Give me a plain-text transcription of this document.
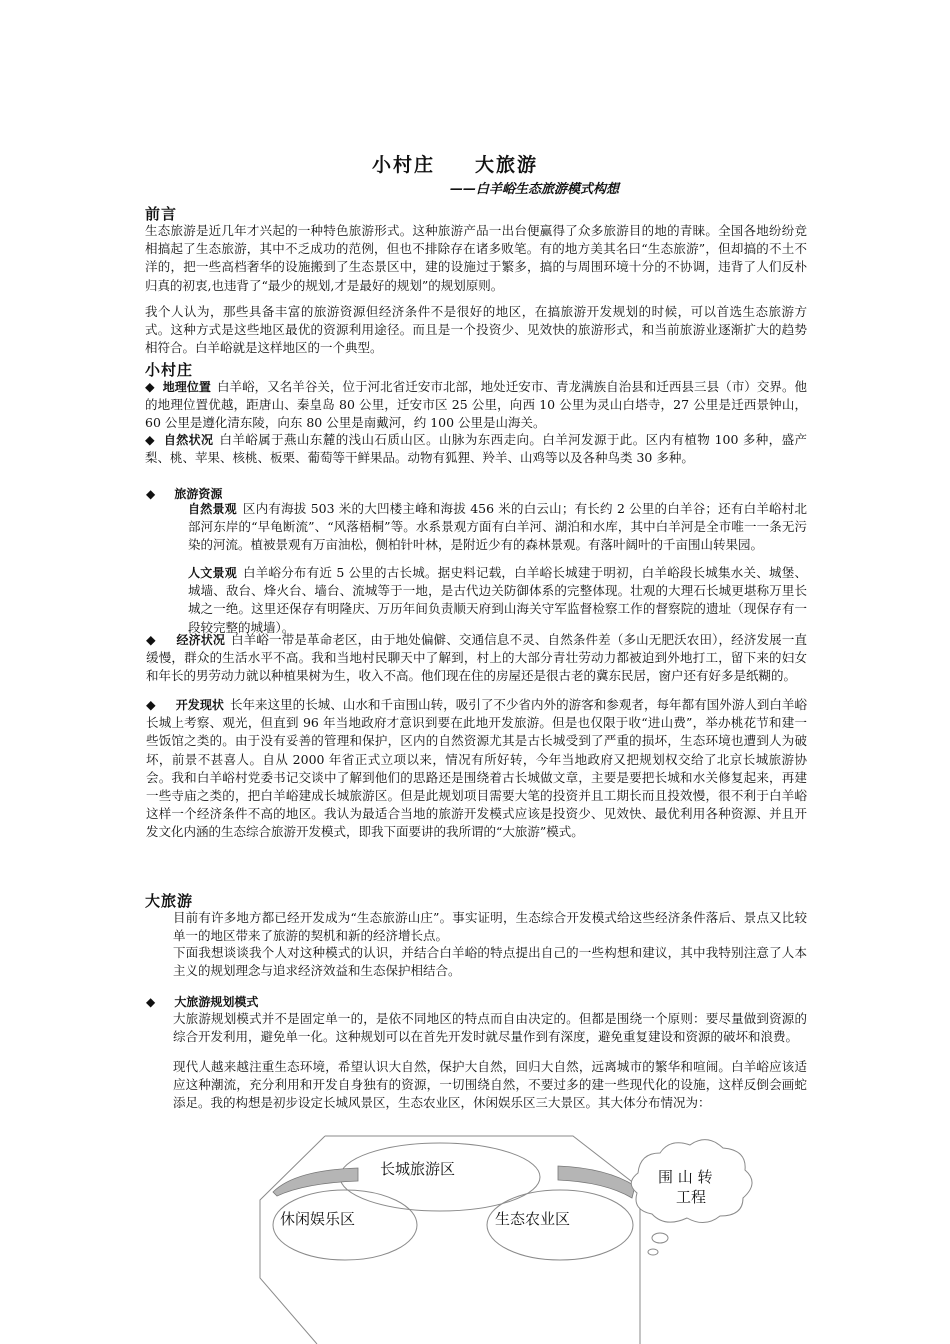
小村庄 大旅游
——白羊峪生态旅游模式构想
前言
生态旅游是近几年才兴起的一种特色旅游形式。这种旅游产品一出台便赢得了众多旅游目的地的青睐。全国各地纷纷竞相搞起了生态旅游，其中不乏成功的范例，但也不排除存在诸多败笔。有的地方美其名曰“生态旅游”，但却搞的不土不洋的，把一些高档奢华的设施搬到了生态景区中，建的设施过于繁多，搞的与周围环境十分的不协调，违背了人们反朴归真的初衷,也违背了“最少的规划,才是最好的规划”的规划原则。
我个人认为，那些具备丰富的旅游资源但经济条件不是很好的地区，在搞旅游开发规划的时候，可以首选生态旅游方式。这种方式是这些地区最优的资源利用途径。而且是一个投资少、见效快的旅游形式，和当前旅游业逐渐扩大的趋势相符合。白羊峪就是这样地区的一个典型。
小村庄
◆  地理位置 白羊峪，又名羊谷关，位于河北省迁安市北部，地处迁安市、青龙满族自治县和迁西县三县（市）交界。他的地理位置优越，距唐山、秦皇岛 80 公里，迁安市区 25 公里，向西 10 公里为灵山白塔寺，27 公里是迁西景钟山，60 公里是遵化清东陵，向东 80 公里是南戴河，约 100 公里是山海关。
◆  自然状况 白羊峪属于燕山东麓的浅山石质山区。山脉为东西走向。白羊河发源于此。区内有植物 100 多种，盛产梨、桃、苹果、核桃、板栗、葡萄等干鲜果品。动物有狐狸、羚羊、山鸡等以及各种鸟类 30 多种。
◆     旅游资源
自然景观 区内有海拔 503 米的大凹楼主峰和海拔 456 米的白云山；有长约 2 公里的白羊谷；还有白羊峪村北部河东岸的“早龟断流”、“风落梧桐”等。水系景观方面有白羊河、湖泊和水库，其中白羊河是全市唯一一条无污染的河流。植被景观有万亩油松，侧柏针叶林，是附近少有的森林景观。有落叶阔叶的千亩围山转果园。
人文景观 白羊峪分布有近 5 公里的古长城。据史料记载，白羊峪长城建于明初，白羊峪段长城集水关、城堡、城墙、敌台、烽火台、墙台、流城等于一地，是古代边关防御体系的完整体现。壮观的大理石长城更堪称万里长城之一绝。这里还保存有明隆庆、万历年间负责顺天府到山海关守军监督检察工作的督察院的遗址（现保存有一段较完整的城墙）。
◆     经济状况 白羊峪一带是革命老区，由于地处偏僻、交通信息不灵、自然条件差（多山无肥沃农田），经济发展一直缓慢，群众的生活水平不高。我和当地村民聊天中了解到，村上的大部分青壮劳动力都被迫到外地打工，留下来的妇女和年长的男劳动力就以种植果树为生，收入不高。他们现在住的房屋还是很古老的冀东民居，窗户还有好多是纸糊的。
◆     开发现状 长年来这里的长城、山水和千亩围山转，吸引了不少省内外的游客和参观者，每年都有国外游人到白羊峪长城上考察、观光，但直到 96 年当地政府才意识到要在此地开发旅游。但是也仅限于收“进山费”，举办桃花节和建一些饭馆之类的。由于没有妥善的管理和保护，区内的自然资源尤其是古长城受到了严重的损坏，生态环境也遭到人为破坏，前景不甚喜人。自从 2000 年省正式立项以来，情况有所好转，今年当地政府又把规划权交给了北京长城旅游协会。我和白羊峪村党委书记交谈中了解到他们的思路还是围绕着古长城做文章，主要是要把长城和水关修复起来，再建一些寺庙之类的，把白羊峪建成长城旅游区。但是此规划项目需要大笔的投资并且工期长而且投效慢，很不利于白羊峪这样一个经济条件不高的地区。我认为最适合当地的旅游开发模式应该是投资少、见效快、最优利用各种资源、并且开发文化内涵的生态综合旅游开发模式，即我下面要讲的我所谓的“大旅游”模式。
大旅游
目前有许多地方都已经开发成为“生态旅游山庄”。事实证明，生态综合开发模式给这些经济条件落后、景点又比较单一的地区带来了旅游的契机和新的经济增长点。
下面我想谈谈我个人对这种模式的认识，并结合白羊峪的特点提出自己的一些构想和建议，其中我特别注意了人本主义的规划理念与追求经济效益和生态保护相结合。
◆     大旅游规划模式
大旅游规划模式并不是固定单一的，是依不同地区的特点而自由决定的。但都是围绕一个原则：要尽量做到资源的综合开发利用，避免单一化。这种规划可以在首先开发时就尽量作到有深度，避免重复建设和资源的破坏和浪费。
现代人越来越注重生态环境，希望认识大自然，保护大自然，回归大自然，远离城市的繁华和喧闹。白羊峪应该适应这种潮流，充分利用和开发自身独有的资源，一切围绕自然，不要过多的建一些现代化的设施，这样反倒会画蛇添足。我的构想是初步设定长城风景区，生态农业区，休闲娱乐区三大景区。其大体分布情况为：
长城旅游区
休闲娱乐区	生态农业区
围 山 转
工程
